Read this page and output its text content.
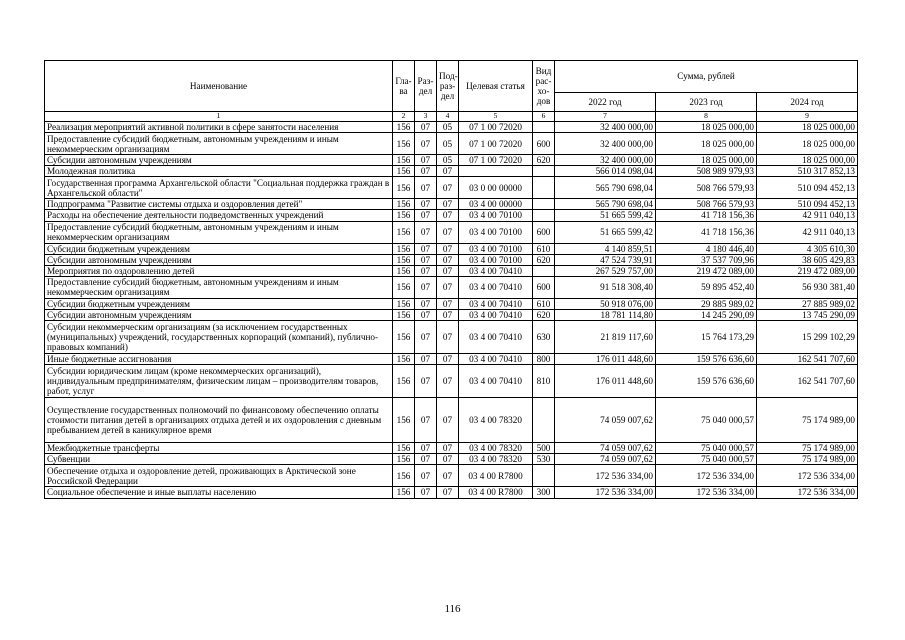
Наименование	Гла-ва	Раз-дел	Под-раз-дел	Целевая статья	Вид рас-хо-дов	Сумма, рублей		
						2022 год	2023 год	2024 год
1	2	3	4	5	6	7	8	9
Реализация мероприятий активной политики в сфере занятости населения	156	07	05	07 1 00 72020		32 400 000,00	18 025 000,00	18 025 000,00
Предоставление субсидий бюджетным, автономным учреждениям и иным некоммерческим организациям	156	07	05	07 1 00 72020	600	32 400 000,00	18 025 000,00	18 025 000,00
Субсидии автономным учреждениям	156	07	05	07 1 00 72020	620	32 400 000,00	18 025 000,00	18 025 000,00
Молодежная политика	156	07	07			566 014 098,04	508 989 979,93	510 317 852,13
Государственная программа Архангельской области "Социальная поддержка граждан в Архангельской области"	156	07	07	03 0 00 00000		565 790 698,04	508 766 579,93	510 094 452,13
Подпрограмма "Развитие системы отдыха и оздоровления детей"	156	07	07	03 4 00 00000		565 790 698,04	508 766 579,93	510 094 452,13
Расходы на обеспечение деятельности подведомственных учреждений	156	07	07	03 4 00 70100		51 665 599,42	41 718 156,36	42 911 040,13
Предоставление субсидий бюджетным, автономным учреждениям и иным некоммерческим организациям	156	07	07	03 4 00 70100	600	51 665 599,42	41 718 156,36	42 911 040,13
Субсидии бюджетным учреждениям	156	07	07	03 4 00 70100	610	4 140 859,51	4 180 446,40	4 305 610,30
Субсидии автономным учреждениям	156	07	07	03 4 00 70100	620	47 524 739,91	37 537 709,96	38 605 429,83
Мероприятия по оздоровлению детей	156	07	07	03 4 00 70410		267 529 757,00	219 472 089,00	219 472 089,00
Предоставление субсидий бюджетным, автономным учреждениям и иным некоммерческим организациям	156	07	07	03 4 00 70410	600	91 518 308,40	59 895 452,40	56 930 381,40
Субсидии бюджетным учреждениям	156	07	07	03 4 00 70410	610	50 918 076,00	29 885 989,02	27 885 989,02
Субсидии автономным учреждениям	156	07	07	03 4 00 70410	620	18 781 114,80	14 245 290,09	13 745 290,09
Субсидии некоммерческим организациям (за исключением государственных (муниципальных) учреждений, государственных корпораций (компаний), публично-правовых компаний)	156	07	07	03 4 00 70410	630	21 819 117,60	15 764 173,29	15 299 102,29
Иные бюджетные ассигнования	156	07	07	03 4 00 70410	800	176 011 448,60	159 576 636,60	162 541 707,60
Субсидии юридическим лицам (кроме некоммерческих организаций), индивидуальным предпринимателям, физическим лицам – производителям товаров, работ, услуг	156	07	07	03 4 00 70410	810	176 011 448,60	159 576 636,60	162 541 707,60
Осуществление государственных полномочий по финансовому обеспечению оплаты стоимости питания детей в организациях отдыха детей и их оздоровления с дневным пребыванием детей в каникулярное время	156	07	07	03 4 00 78320		74 059 007,62	75 040 000,57	75 174 989,00
Межбюджетные трансферты	156	07	07	03 4 00 78320	500	74 059 007,62	75 040 000,57	75 174 989,00
Субвенции	156	07	07	03 4 00 78320	530	74 059 007,62	75 040 000,57	75 174 989,00
Обеспечение отдыха и оздоровление детей, проживающих в Арктической зоне Российской Федерации	156	07	07	03 4 00 R7800		172 536 334,00	172 536 334,00	172 536 334,00
Социальное обеспечение и иные выплаты населению	156	07	07	03 4 00 R7800	300	172 536 334,00	172 536 334,00	172 536 334,00
116
